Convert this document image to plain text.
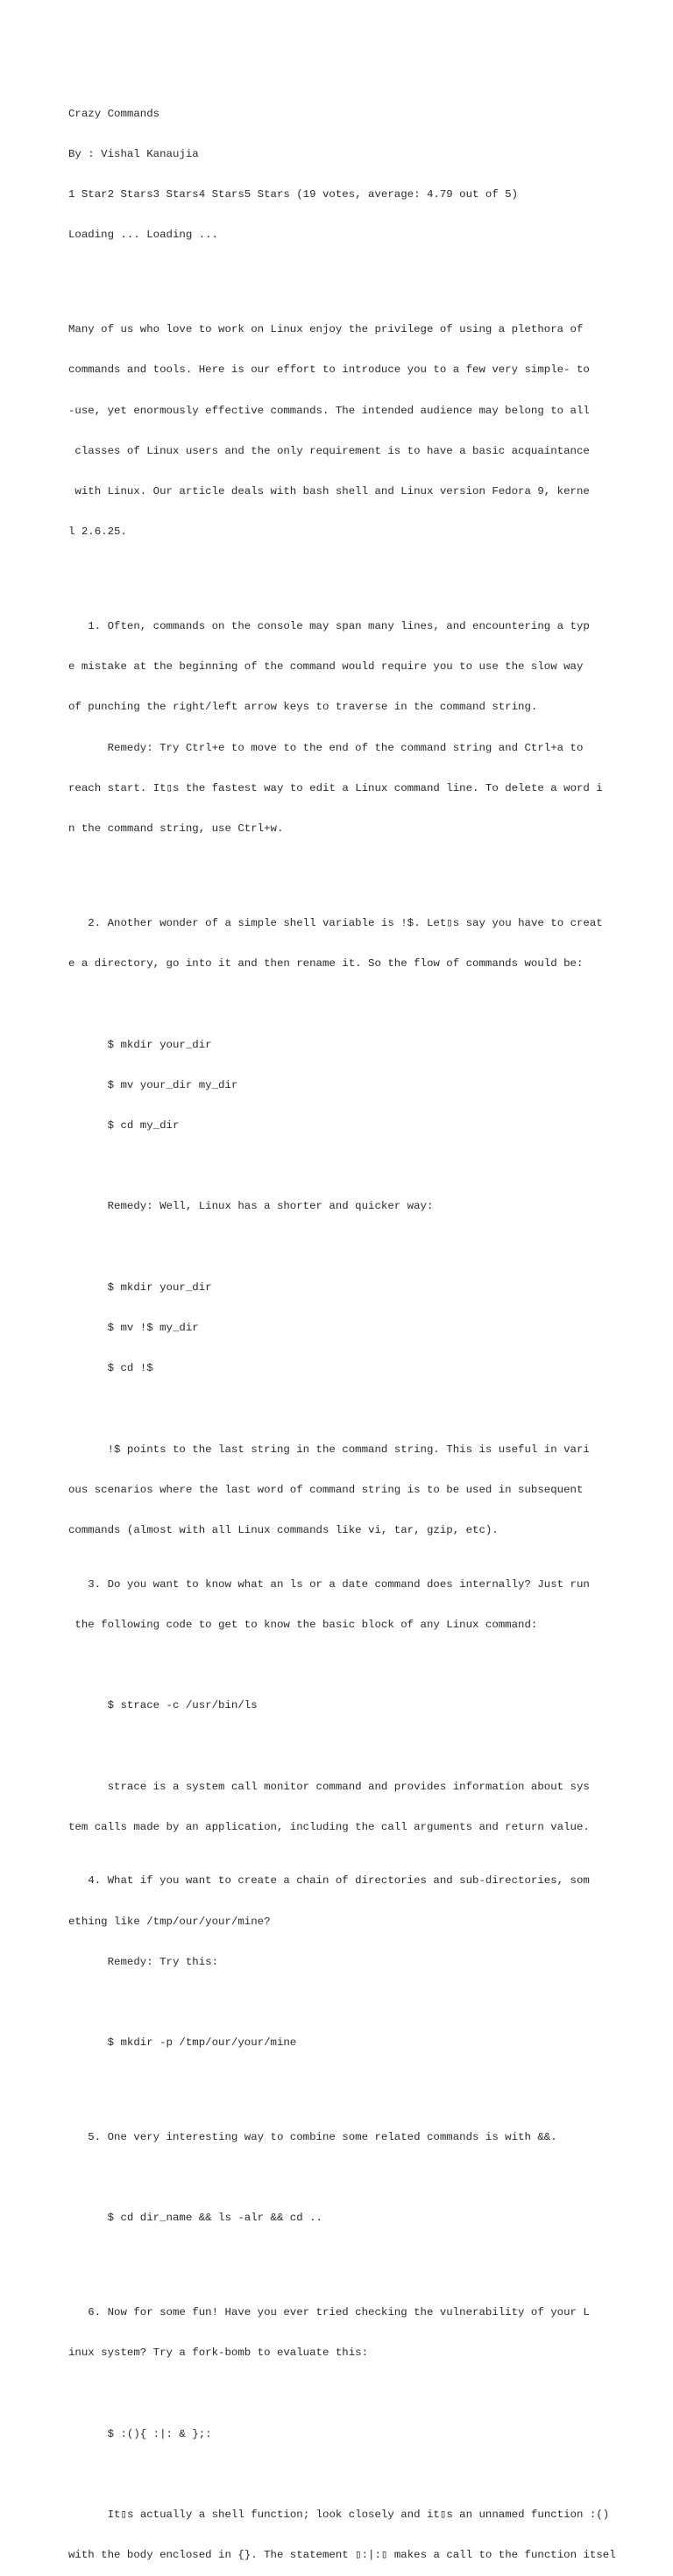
Crazy Commands

By : Vishal Kanaujia

1 Star2 Stars3 Stars4 Stars5 Stars (19 votes, average: 4.79 out of 5)

Loading ... Loading ...

Many of us who love to work on Linux enjoy the privilege of using a plethora of

commands and tools. Here is our effort to introduce you to a few very simple- to

-use, yet enormously effective commands. The intended audience may belong to all

classes of Linux users and the only requirement is to have a basic acquaintance

with Linux. Our article deals with bash shell and Linux version Fedora 9, kerne

l 2.6.25.

1. Often, commands on the console may span many lines, and encountering a typ

e mistake at the beginning of the command would require you to use the slow way

of punching the right/left arrow keys to traverse in the command string.

Remedy: Try Ctrl+e to move to the end of the command string and Ctrl+a to

reach start. It▯s the fastest way to edit a Linux command line. To delete a word i

n the command string, use Ctrl+w.

2. Another wonder of a simple shell variable is !$. Let▯s say you have to creat

e a directory, go into it and then rename it. So the flow of commands would be:

$ mkdir your_dir

$ mv your_dir my_dir

$ cd my_dir

Remedy: Well, Linux has a shorter and quicker way:

$ mkdir your_dir

$ mv !$ my_dir

$ cd !$

!$ points to the last string in the command string. This is useful in vari

ous scenarios where the last word of command string is to be used in subsequent

commands (almost with all Linux commands like vi, tar, gzip, etc).

3. Do you want to know what an ls or a date command does internally? Just run

the following code to get to know the basic block of any Linux command:

$ strace -c /usr/bin/ls

strace is a system call monitor command and provides information about sys

tem calls made by an application, including the call arguments and return value.

4. What if you want to create a chain of directories and sub-directories, som

ething like /tmp/our/your/mine?

Remedy: Try this:

$ mkdir -p /tmp/our/your/mine

5. One very interesting way to combine some related commands is with &&.

$ cd dir_name && ls -alr && cd ..

6. Now for some fun! Have you ever tried checking the vulnerability of your L

inux system? Try a fork-bomb to evaluate this:

$ :(){ :|: & };:

It▯s actually a shell function; look closely and it▯s an unnamed function :()

with the body enclosed in {}. The statement ▯:|:▯ makes a call to the function itsel
